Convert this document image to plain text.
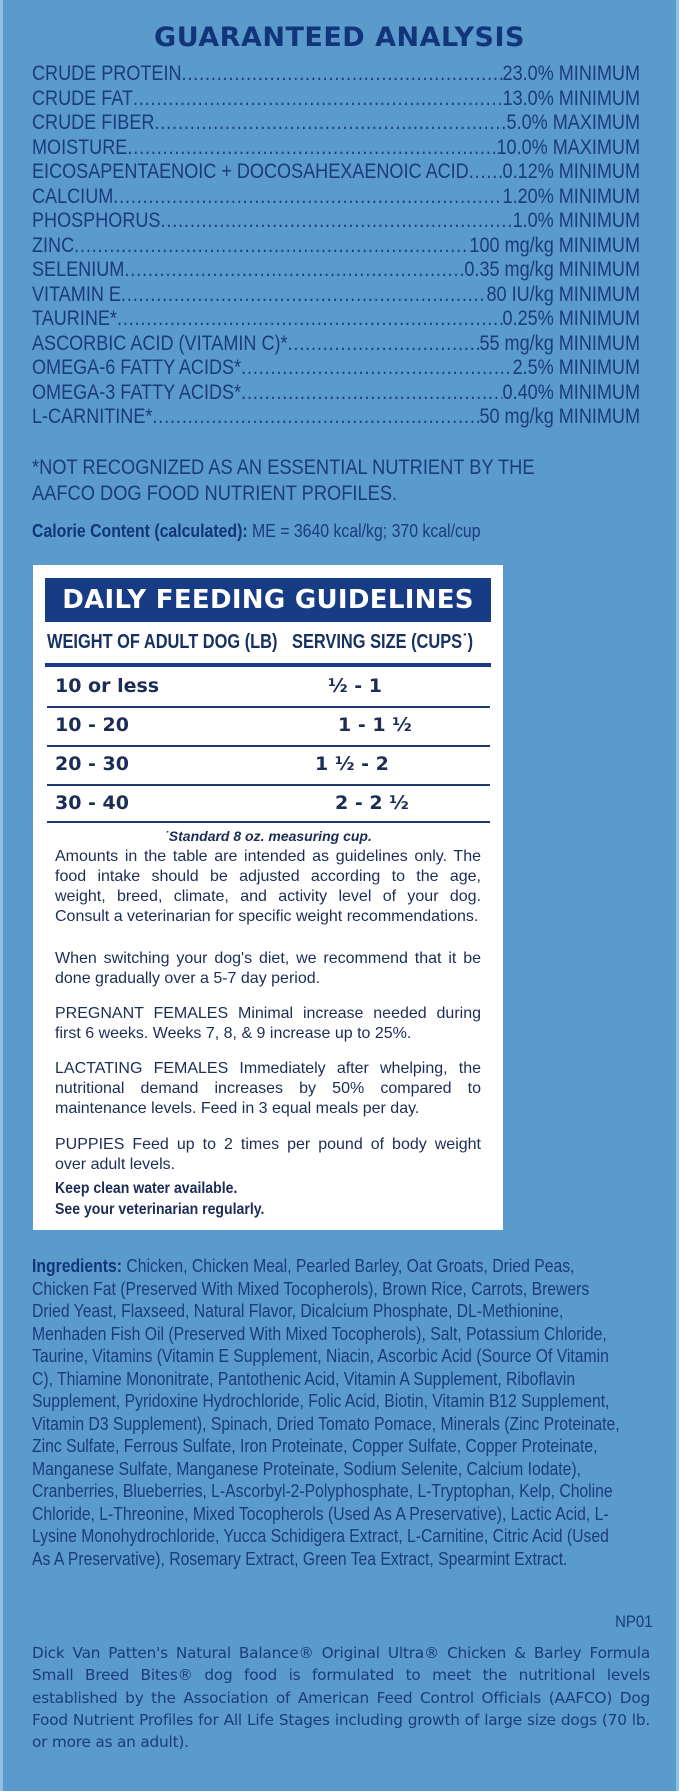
GUARANTEED ANALYSIS
CRUDE PROTEIN .....	23.0% MINIMUM
CRUDE FAT .....	13.0% MINIMUM
CRUDE FIBER .....	5.0% MAXIMUM
MOISTURE .....	10.0% MAXIMUM
EICOSAPENTAENOIC + DOCOSAHEXAENOIC ACID ..... 0.12% MINIMUM
CALCIUM .....	1.20% MINIMUM
PHOSPHORUS .....	1.0% MINIMUM
ZINC .....	100 mg/kg MINIMUM
SELENIUM .....	0.35 mg/kg MINIMUM
VITAMIN E .....	80 IU/kg MINIMUM
TAURINE* .....	0.25% MINIMUM
ASCORBIC ACID (VITAMIN C)* .....	55 mg/kg MINIMUM
OMEGA-6 FATTY ACIDS* .....	2.5% MINIMUM
OMEGA-3 FATTY ACIDS* .....	0.40% MINIMUM
L-CARNITINE* .....	50 mg/kg MINIMUM
*NOT RECOGNIZED AS AN ESSENTIAL NUTRIENT BY THE
AAFCO DOG FOOD NUTRIENT PROFILES.
Calorie Content (calculated): ME = 3640 kcal/kg; 370 kcal/cup
DAILY FEEDING GUIDELINES
WEIGHT OF ADULT DOG (LB) SERVING SIZE (CUPS˙)
10 or less	½ - 1
10 - 20	1 - 1 ½
20 - 30	1 ½ - 2
30 - 40	2 - 2 ½
˙Standard 8 oz. measuring cup.
Amounts in the table are intended as guidelines only. The food intake should be adjusted according to the age, weight, breed, climate, and activity level of your dog. Consult a veterinarian for specific weight recommendations.
When switching your dog's diet, we recommend that it be done gradually over a 5-7 day period.
PREGNANT FEMALES Minimal increase needed during first 6 weeks. Weeks 7, 8, & 9 increase up to 25%.
LACTATING FEMALES Immediately after whelping, the nutritional demand increases by 50% compared to maintenance levels. Feed in 3 equal meals per day.
PUPPIES Feed up to 2 times per pound of body weight over adult levels.
Keep clean water available.
See your veterinarian regularly.
Ingredients: Chicken, Chicken Meal, Pearled Barley, Oat Groats, Dried Peas, Chicken Fat (Preserved With Mixed Tocopherols), Brown Rice, Carrots, Brewers Dried Yeast, Flaxseed, Natural Flavor, Dicalcium Phosphate, DL-Methionine, Menhaden Fish Oil (Preserved With Mixed Tocopherols), Salt, Potassium Chloride, Taurine, Vitamins (Vitamin E Supplement, Niacin, Ascorbic Acid (Source Of Vitamin C), Thiamine Mononitrate, Pantothenic Acid, Vitamin A Supplement, Riboflavin Supplement, Pyridoxine Hydrochloride, Folic Acid, Biotin, Vitamin B12 Supplement, Vitamin D3 Supplement), Spinach, Dried Tomato Pomace, Minerals (Zinc Proteinate, Zinc Sulfate, Ferrous Sulfate, Iron Proteinate, Copper Sulfate, Copper Proteinate, Manganese Sulfate, Manganese Proteinate, Sodium Selenite, Calcium Iodate), Cranberries, Blueberries, L-Ascorbyl-2-Polyphosphate, L-Tryptophan, Kelp, Choline Chloride, L-Threonine, Mixed Tocopherols (Used As A Preservative), Lactic Acid, L-Lysine Monohydrochloride, Yucca Schidigera Extract, L-Carnitine, Citric Acid (Used As A Preservative), Rosemary Extract, Green Tea Extract, Spearmint Extract.
NP01

Dick Van Patten's Natural Balance® Original Ultra® Chicken & Barley Formula Small Breed Bites® dog food is formulated to meet the nutritional levels established by the Association of American Feed Control Officials (AAFCO) Dog Food Nutrient Profiles for All Life Stages including growth of large size dogs (70 lb. or more as an adult).
